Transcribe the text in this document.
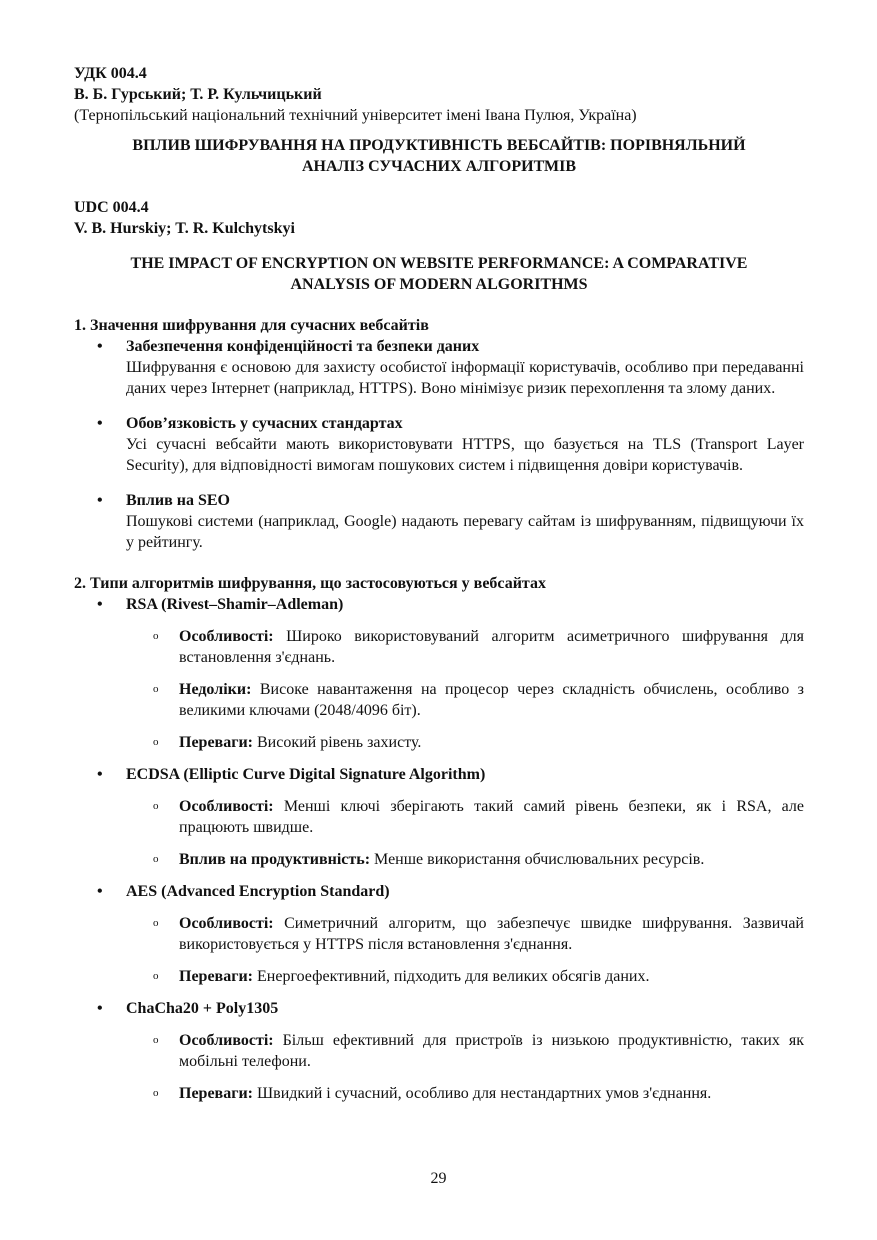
УДК 004.4

В. Б. Гурський; Т. Р. Кульчицький

(Тернопільський національний технічний університет імені Івана Пулюя, Україна)

ВПЛИВ ШИФРУВАННЯ НА ПРОДУКТИВНІСТЬ ВЕБСАЙТІВ: ПОРІВНЯЛЬНИЙ

АНАЛІЗ СУЧАСНИХ АЛГОРИТМІВ

UDC 004.4

V. B. Hurskiy; T. R. Kulchytskyi

THE IMPACT OF ENCRYPTION ON WEBSITE PERFORMANCE: A COMPARATIVE

ANALYSIS OF MODERN ALGORITHMS

1. Значення шифрування для сучасних вебсайтів

• Забезпечення конфіденційності та безпеки даних

Шифрування є основою для захисту особистої інформації користувачів, особливо при передаванні даних через Інтернет (наприклад, HTTPS). Воно мінімізує ризик перехоплення та злому даних.

• Обов’язковість у сучасних стандартах

Усі сучасні вебсайти мають використовувати HTTPS, що базується на TLS (Transport Layer Security), для відповідності вимогам пошукових систем і підвищення довіри користувачів.

• Вплив на SEO

Пошукові системи (наприклад, Google) надають перевагу сайтам із шифруванням, підвищуючи їх у рейтингу.

2. Типи алгоритмів шифрування, що застосовуються у вебсайтах

• RSA (Rivest–Shamir–Adleman)

o Особливості: Широко використовуваний алгоритм асиметричного шифрування для встановлення з'єднань.

o Недоліки: Високе навантаження на процесор через складність обчислень, особливо з великими ключами (2048/4096 біт).

o Переваги: Високий рівень захисту.

• ECDSA (Elliptic Curve Digital Signature Algorithm)

o Особливості: Менші ключі зберігають такий самий рівень безпеки, як і RSA, але працюють швидше.

o Вплив на продуктивність: Менше використання обчислювальних ресурсів.

• AES (Advanced Encryption Standard)

o Особливості: Симетричний алгоритм, що забезпечує швидке шифрування. Зазвичай використовується у HTTPS після встановлення з'єднання.

o Переваги: Енергоефективний, підходить для великих обсягів даних.

• ChaCha20 + Poly1305

o Особливості: Більш ефективний для пристроїв із низькою продуктивністю, таких як мобільні телефони.

o Переваги: Швидкий і сучасний, особливо для нестандартних умов з'єднання.

29
